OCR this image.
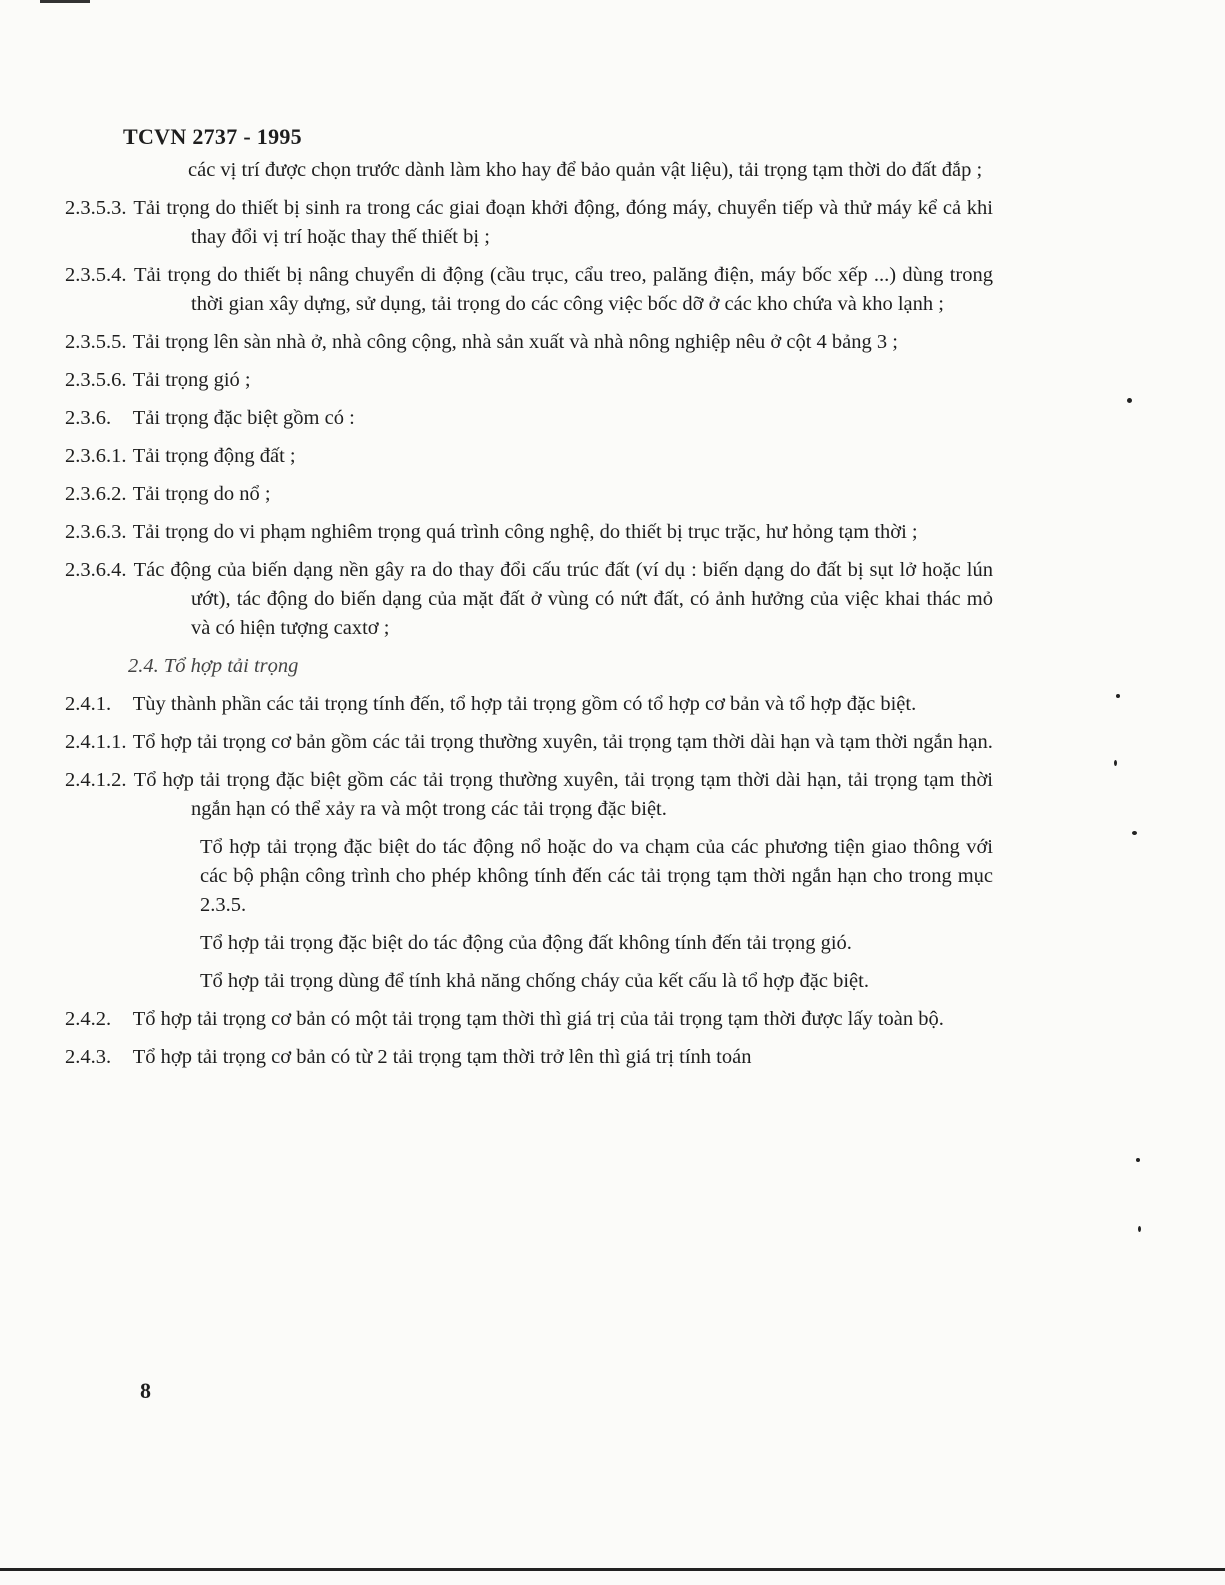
TCVN 2737 - 1995
các vị trí được chọn trước dành làm kho hay để bảo quản vật liệu), tải trọng tạm thời do đất đắp ;
2.3.5.3. Tải trọng do thiết bị sinh ra trong các giai đoạn khởi động, đóng máy, chuyển tiếp và thử máy kể cả khi thay đổi vị trí hoặc thay thế thiết bị ;
2.3.5.4. Tải trọng do thiết bị nâng chuyển di động (cầu trục, cẩu treo, palăng điện, máy bốc xếp ...) dùng trong thời gian xây dựng, sử dụng, tải trọng do các công việc bốc dỡ ở các kho chứa và kho lạnh ;
2.3.5.5. Tải trọng lên sàn nhà ở, nhà công cộng, nhà sản xuất và nhà nông nghiệp nêu ở cột 4 bảng 3 ;
2.3.5.6. Tải trọng gió ;
2.3.6. Tải trọng đặc biệt gồm có :
2.3.6.1. Tải trọng động đất ;
2.3.6.2. Tải trọng do nổ ;
2.3.6.3. Tải trọng do vi phạm nghiêm trọng quá trình công nghệ, do thiết bị trục trặc, hư hỏng tạm thời ;
2.3.6.4. Tác động của biến dạng nền gây ra do thay đổi cấu trúc đất (ví dụ : biến dạng do đất bị sụt lở hoặc lún ướt), tác động do biến dạng của mặt đất ở vùng có nứt đất, có ảnh hưởng của việc khai thác mỏ và có hiện tượng caxtơ ;
2.4. Tổ hợp tải trọng
2.4.1. Tùy thành phần các tải trọng tính đến, tổ hợp tải trọng gồm có tổ hợp cơ bản và tổ hợp đặc biệt.
2.4.1.1. Tổ hợp tải trọng cơ bản gồm các tải trọng thường xuyên, tải trọng tạm thời dài hạn và tạm thời ngắn hạn.
2.4.1.2. Tổ hợp tải trọng đặc biệt gồm các tải trọng thường xuyên, tải trọng tạm thời dài hạn, tải trọng tạm thời ngắn hạn có thể xảy ra và một trong các tải trọng đặc biệt.
Tổ hợp tải trọng đặc biệt do tác động nổ hoặc do va chạm của các phương tiện giao thông với các bộ phận công trình cho phép không tính đến các tải trọng tạm thời ngắn hạn cho trong mục 2.3.5.
Tổ hợp tải trọng đặc biệt do tác động của động đất không tính đến tải trọng gió.
Tổ hợp tải trọng dùng để tính khả năng chống cháy của kết cấu là tổ hợp đặc biệt.
2.4.2. Tổ hợp tải trọng cơ bản có một tải trọng tạm thời thì giá trị của tải trọng tạm thời được lấy toàn bộ.
2.4.3. Tổ hợp tải trọng cơ bản có từ 2 tải trọng tạm thời trở lên thì giá trị tính toán
8
